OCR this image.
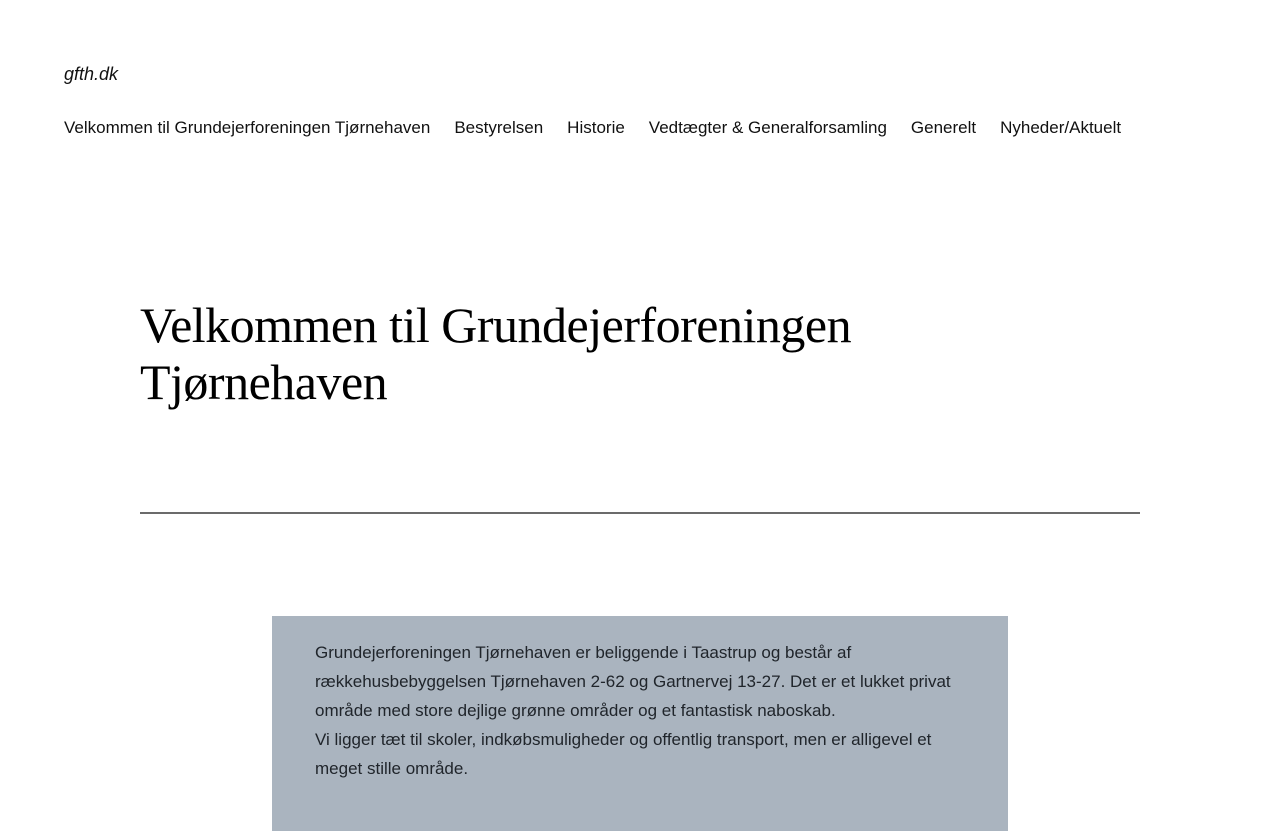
gfth.dk
Velkommen til Grundejerforeningen Tjørnehaven Bestyrelsen Historie Vedtægter & Generalforsamling Generelt Nyheder/Aktuelt
Velkommen til Grundejerforeningen Tjørnehaven

Grundejerforeningen Tjørnehaven er beliggende i Taastrup og består af rækkehusbebyggelsen Tjørnehaven 2-62 og Gartnervej 13-27. Det er et lukket privat område med store dejlige grønne områder og et fantastisk naboskab.
Vi ligger tæt til skoler, indkøbsmuligheder og offentlig transport, men er alligevel et meget stille område.
